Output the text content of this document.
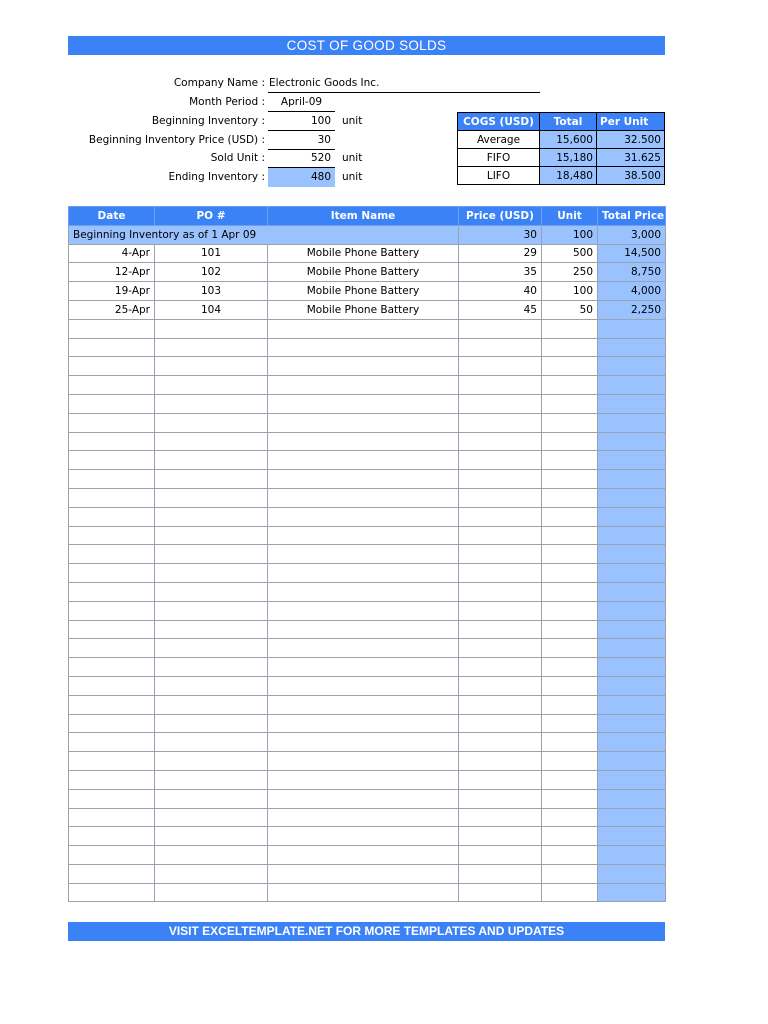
COST OF GOOD SOLDS
Company Name : Electronic Goods Inc.
Month Period :	April-09
Beginning Inventory :	100 unit
Beginning Inventory Price (USD) :	30
Sold Unit :	520 unit
Ending Inventory :	480	unit
COGS (USD)	Total	Per Unit
Average	15,600	32.500
FIFO	15,180	31.625
LIFO	18,480	38.500
Date	PO #	Item Name	Price (USD)	Unit	Total Price
Beginning Inventory as of 1 Apr 09			30	100	3,000
4-Apr	101	Mobile Phone Battery	29	500	14,500
12-Apr	102	Mobile Phone Battery	35	250	8,750
19-Apr	103	Mobile Phone Battery	40	100	4,000
25-Apr	104	Mobile Phone Battery	45	50	2,250

VISIT EXCELTEMPLATE.NET FOR MORE TEMPLATES AND UPDATES
